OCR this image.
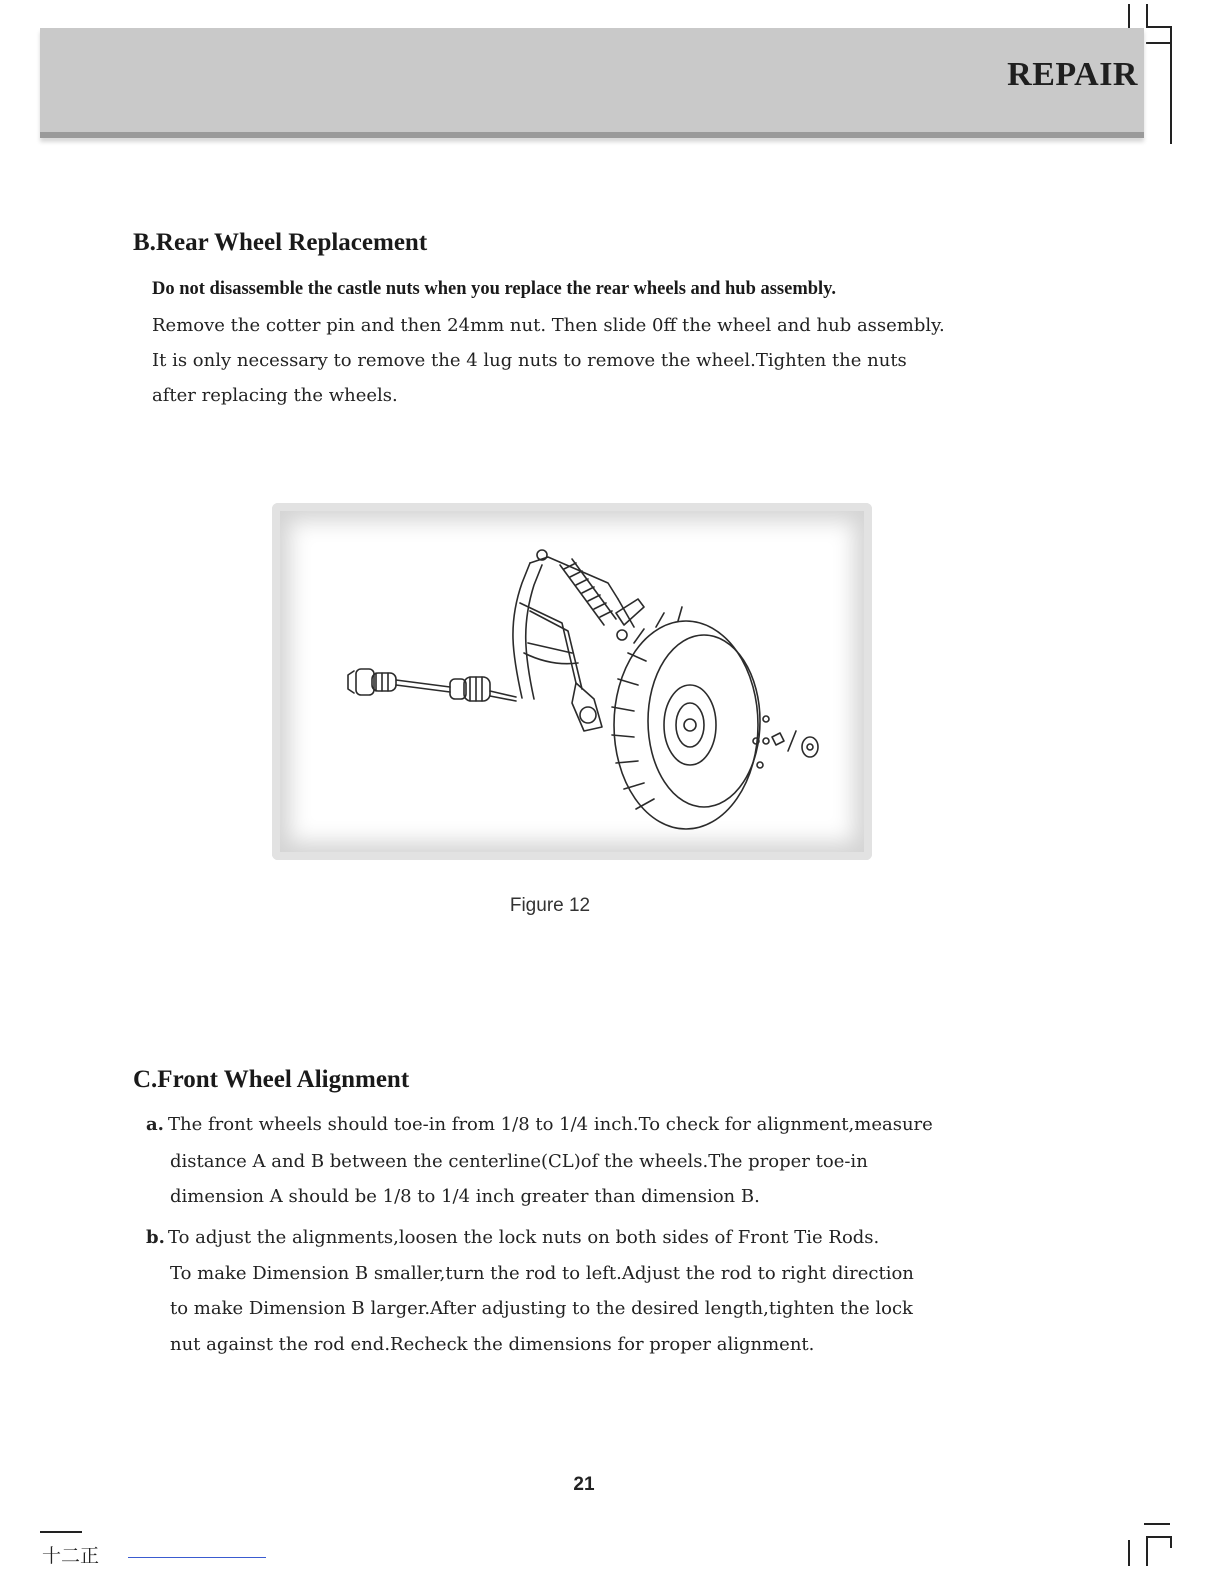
REPAIR
B.Rear Wheel Replacement
Do not disassemble the castle nuts when you replace the rear wheels and hub assembly.
Remove the cotter pin and then 24mm nut. Then slide 0ff the wheel and hub assembly.
It is only necessary to remove the 4 lug nuts to remove the wheel.Tighten the nuts
after replacing the wheels.
Figure 12
C.Front Wheel Alignment
a. The front wheels should toe-in from 1/8 to 1/4 inch.To check for alignment,measure
distance A and B between the centerline(CL)of the wheels.The proper toe-in
dimension A should be 1/8 to 1/4 inch greater than dimension B.
b. To adjust the alignments,loosen the lock nuts on both sides of Front Tie Rods.
To make Dimension B smaller,turn the rod to left.Adjust the rod to right direction
to make Dimension B larger.After adjusting to the desired length,tighten the lock
nut against the rod end.Recheck the dimensions for proper alignment.
21
十二正
